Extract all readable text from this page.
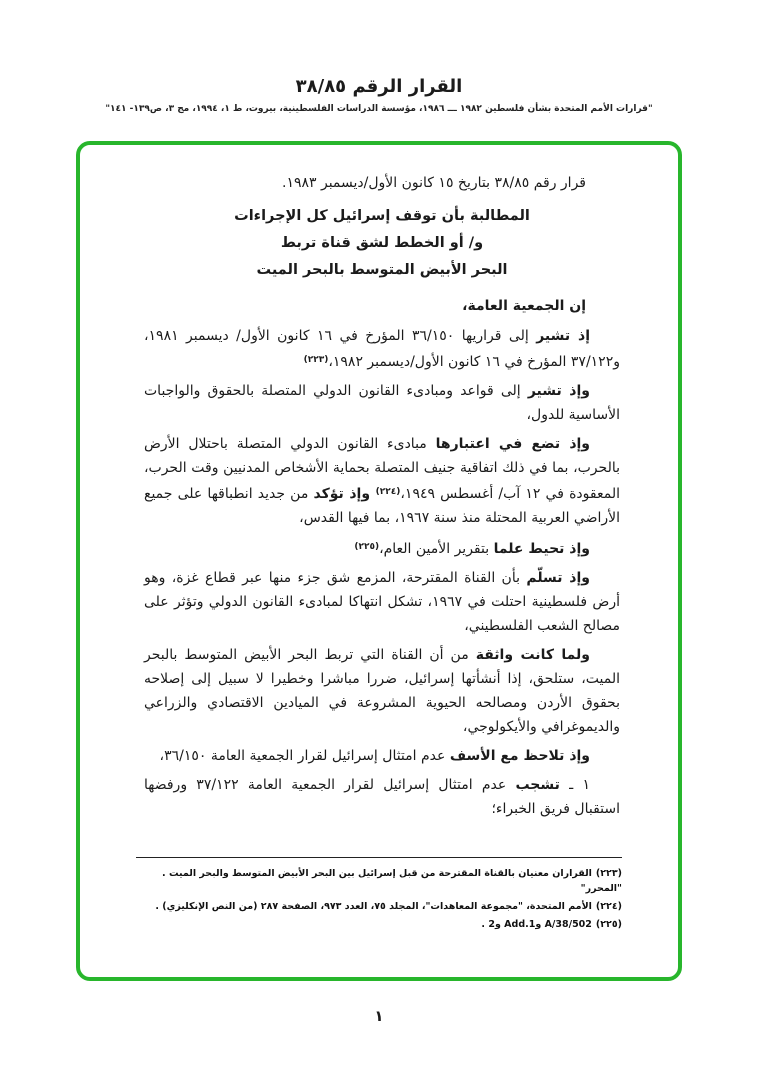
القرار الرقم ٣٨/٨٥
"قرارات الأمم المتحدة بشأن فلسطين ١٩٨٢ ـــ ١٩٨٦، مؤسسة الدراسات الفلسطينية، بيروت، ط ١، ١٩٩٤، مج ٣، ص١٣٩- ١٤١"

قرار رقم ٣٨/٨٥ بتاريخ ١٥ كانون الأول/ديسمبر ١٩٨٣.

المطالبة بأن توقف إسرائيل كل الإجراءات
و/ أو الخطط لشق قناة تربط
البحر الأبيض المتوسط بالبحر الميت

إن الجمعية العامة،

إذ تشير إلى قراريها ٣٦/١٥٠ المؤرخ في ١٦ كانون الأول/ ديسمبر ١٩٨١، و٣٧/١٢٢ المؤرخ في ١٦ كانون الأول/ديسمبر ١٩٨٢،$^{(٢٢٣)}$

وإذ تشير إلى قواعد ومبادىء القانون الدولي المتصلة بالحقوق والواجبات الأساسية للدول،

وإذ تضع في اعتبارها مبادىء القانون الدولي المتصلة باحتلال الأرض بالحرب، بما في ذلك اتفاقية جنيف المتصلة بحماية الأشخاص المدنيين وقت الحرب، المعقودة في ١٢ آب/ أغسطس ١٩٤٩،$^{(٢٢٤)}$ وإذ تؤكد من جديد انطباقها على جميع الأراضي العربية المحتلة منذ سنة ١٩٦٧، بما فيها القدس،

وإذ تحيط علما بتقرير الأمين العام،$^{(٢٢٥)}$

وإذ تسلّم بأن القناة المقترحة، المزمع شق جزء منها عبر قطاع غزة، وهو أرض فلسطينية احتلت في ١٩٦٧، تشكل انتهاكا لمبادىء القانون الدولي وتؤثر على مصالح الشعب الفلسطيني،

ولما كانت واثقة من أن القناة التي تربط البحر الأبيض المتوسط بالبحر الميت، ستلحق، إذا أنشأتها إسرائيل، ضررا مباشرا وخطيرا لا سبيل إلى إصلاحه بحقوق الأردن ومصالحه الحيوية المشروعة في الميادين الاقتصادي والزراعي والديموغرافي والأيكولوجي،

وإذ تلاحظ مع الأسف عدم امتثال إسرائيل لقرار الجمعية العامة ٣٦/١٥٠،

١ ـ تشجب عدم امتثال إسرائيل لقرار الجمعية العامة ٣٧/١٢٢ ورفضها استقبال فريق الخبراء؛

(٢٢٣)القراران معنيان بالقناة المقترحة من قبل إسرائيل بين البحر الأبيض المتوسط والبحر الميت . "المحرر"

(٢٢٤)الأمم المتحدة، "مجموعة المعاهدات"، المجلد ٧٥، العدد ٩٧٣، الصفحة ٢٨٧ (من النص الإنكليزي) .

(٢٢٥)A/38/502 وAdd.1 و2 .

١
